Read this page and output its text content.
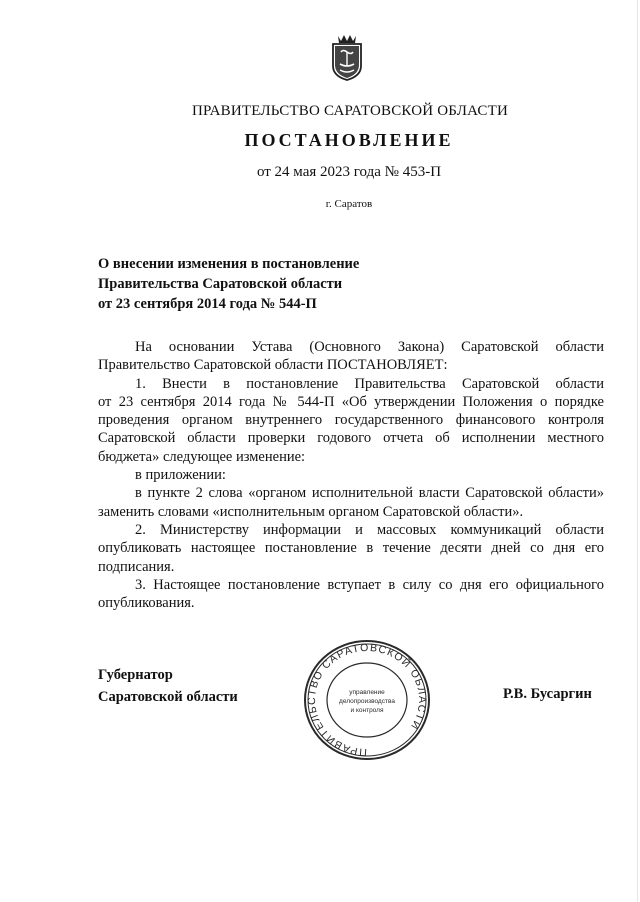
ПРАВИТЕЛЬСТВО САРАТОВСКОЙ ОБЛАСТИ
ПОСТАНОВЛЕНИЕ
от 24 мая 2023 года № 453-П
г. Саратов
О внесении изменения в постановление
Правительства Саратовской области
от 23 сентября 2014 года № 544-П
На основании Устава (Основного Закона) Саратовской области
Правительство Саратовской области ПОСТАНОВЛЯЕТ:
1. Внести в постановление Правительства Саратовской области
от 23 сентября 2014 года № 544-П «Об утверждении Положения о порядке
проведения органом внутреннего государственного финансового контроля
Саратовской области проверки годового отчета об исполнении местного
бюджета» следующее изменение:
в приложении:
в пункте 2 слова «органом исполнительной власти Саратовской области»
заменить словами «исполнительным органом Саратовской области».
2. Министерству информации и массовых коммуникаций области
опубликовать настоящее постановление в течение десяти дней со дня его
подписания.
3. Настоящее постановление вступает в силу со дня его официального
опубликования.
Губернатор
Саратовской области	Р.В. Бусаргин
ПРАВИТЕЛЬСТВО САРАТОВСКОЙ ОБЛАСТИ
управление
делопроизводства
и контроля
